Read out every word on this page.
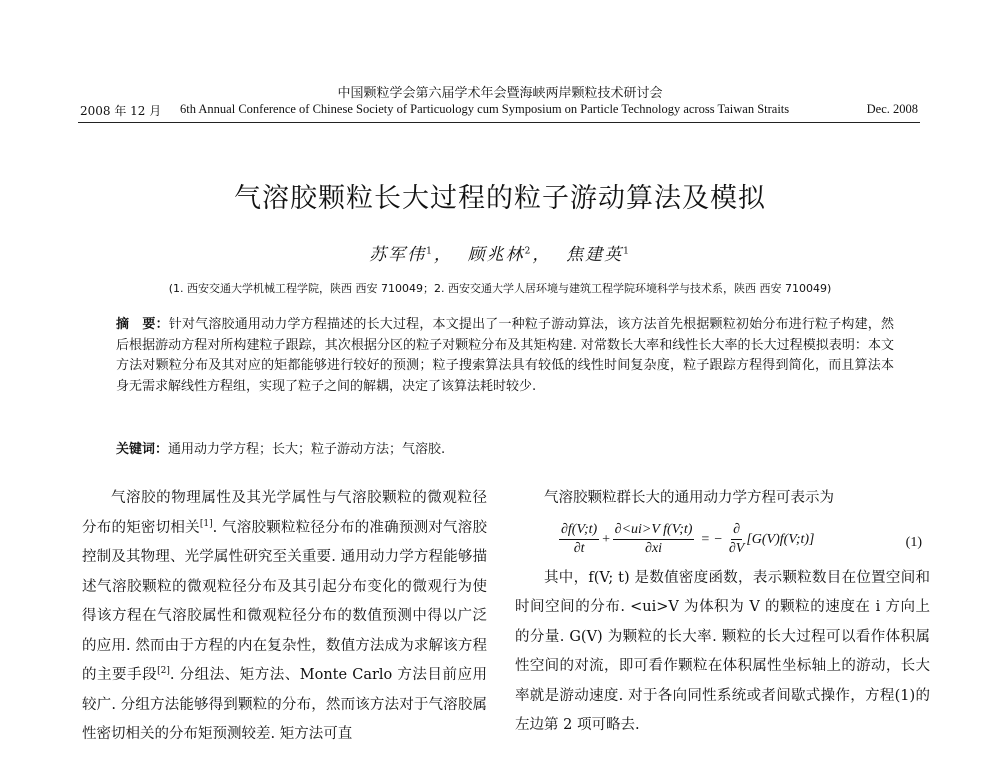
中国颗粒学会第六届学术年会暨海峡两岸颗粒技术研讨会
2008 年 12 月 6th Annual Conference of Chinese Society of Particuology cum Symposium on Particle Technology across Taiwan Straits	Dec. 2008
气溶胶颗粒长大过程的粒子游动算法及模拟
苏军伟$^1$，  顾兆林$^2$，  焦建英$^1$
(1. 西安交通大学机械工程学院，陕西 西安 710049；2. 西安交通大学人居环境与建筑工程学院环境科学与技术系，陕西 西安 710049)
摘　要：针对气溶胶通用动力学方程描述的长大过程，本文提出了一种粒子游动算法，该方法首先根据颗粒初始分布进行粒子构建，然后根据游动方程对所构建粒子跟踪，其次根据分区的粒子对颗粒分布及其矩构建. 对常数长大率和线性长大率的长大过程模拟表明：本文方法对颗粒分布及其对应的矩都能够进行较好的预测；粒子搜索算法具有较低的线性时间复杂度，粒子跟踪方程得到简化，而且算法本身无需求解线性方程组，实现了粒子之间的解耦，决定了该算法耗时较少.
关键词：通用动力学方程；长大；粒子游动方法；气溶胶.

气溶胶的物理属性及其光学属性与气溶胶颗粒的微观粒径分布的矩密切相关[1]. 气溶胶颗粒粒径分布的准确预测对气溶胶控制及其物理、光学属性研究至关重要. 通用动力学方程能够描述气溶胶颗粒的微观粒径分布及其引起分布变化的微观行为使得该方程在气溶胶属性和微观粒径分布的数值预测中得以广泛的应用. 然而由于方程的内在复杂性，数值方法成为求解该方程的主要手段[2]. 分组法、矩方法、Monte Carlo 方法目前应用较广. 分组方法能够得到颗粒的分布，然而该方法对于气溶胶属性密切相关的分布矩预测较差. 矩方法可直

气溶胶颗粒群长大的通用动力学方程可表示为

$\frac{\partial f(V;t)}{\partial t} + \frac{\text{∂<ui>V f(V;t)}}{\partial xi}$ = − $\frac{\partial}{\partial V}$ [G(V)f(V;t)]	(1)

其中，f(V; t) 是数值密度函数，表示颗粒数目在位置空间和时间空间的分布. <ui>V 为体积为 V 的颗粒的速度在 i 方向上的分量. G(V) 为颗粒的长大率. 颗粒的长大过程可以看作体积属性空间的对流，即可看作颗粒在体积属性坐标轴上的游动，长大率就是游动速度. 对于各向同性系统或者间歇式操作，方程(1)的左边第 2 项可略去.
